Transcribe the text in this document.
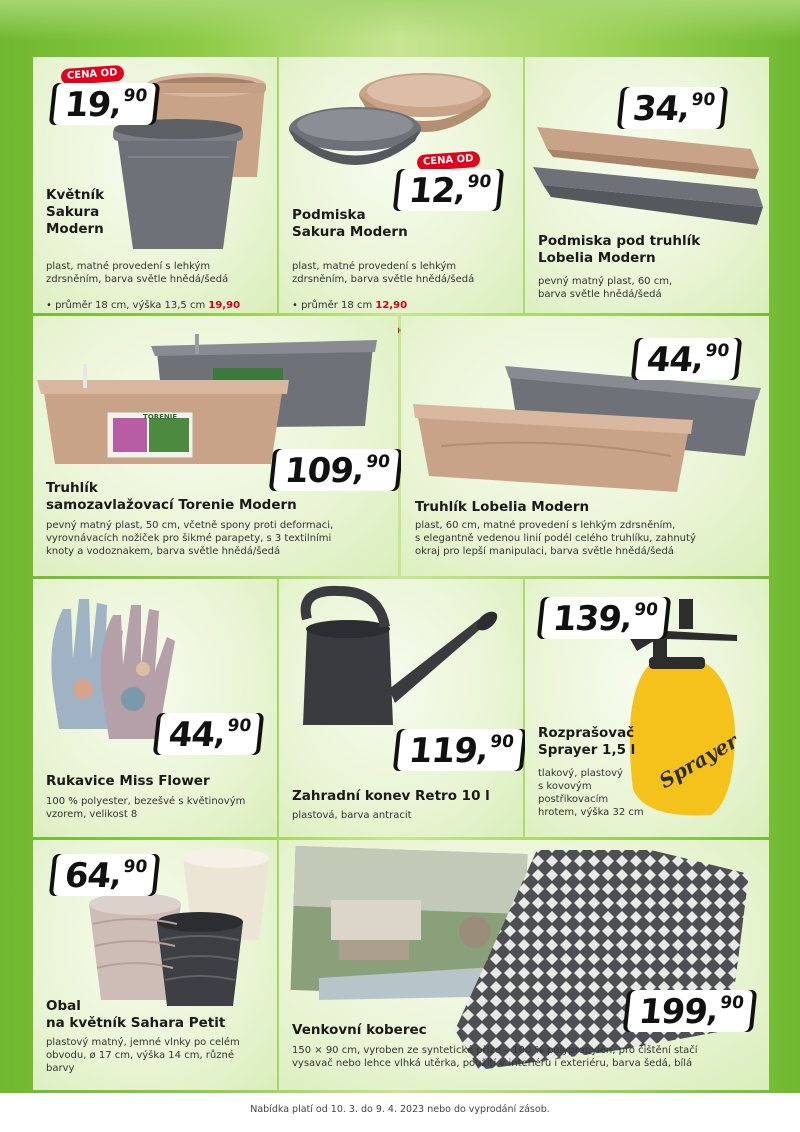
CENA OD
19
, 90
Květník
Sakura
Modern

plast, matné provedení s lehkým
zdrsněním, barva světle hnědá/šedá

• průměr 18 cm, výška 13,5 cm 19,90

CENA OD
12
, 90
Podmiska
Sakura Modern

plast, matné provedení s lehkým
zdrsněním, barva světle hnědá/šedá

• průměr 18 cm 12,90

34
, 90
Podmiska pod truhlík
Lobelia Modern
pevný matný plast, 60 cm,
barva světle hnědá/šedá
TORENIE
109
, 90
Truhlík
samozavlažovací Torenie Modern
pevný matný plast, 50 cm, včetně spony proti deformaci,
vyrovnávacích nožiček pro šikmé parapety, s 3 textilními
knoty a vodoznakem, barva světle hnědá/šedá
44
, 90
Truhlík Lobelia Modern
plast, 60 cm, matné provedení s lehkým zdrsněním,
s elegantně vedenou linií podél celého truhlíku, zahnutý
okraj pro lepší manipulaci, barva světle hnědá/šedá
44
, 90
Rukavice Miss Flower
100 % polyester, bezešvé s květinovým
vzorem, velikost 8
119
, 90
Zahradní konev Retro 10 l
plastová, barva antracit
Sprayer
139
, 90
Rozprašovač
Sprayer 1,5 l
tlakový, plastový
s kovovým
postřikovacím
hrotem, výška 32 cm
64
, 90
Obal
na květník Sahara Petit
plastový matný, jemné vlnky po celém
obvodu, ø 17 cm, výška 14 cm, různé
barvy
199
, 90
Venkovní koberec
150 × 90 cm, vyroben ze syntetické příze – 100 % polypropylén, pro čištění stačí
vysavač nebo lehce vlhká utěrka, použití v interiéru i exteriéru, barva šedá, bílá
Nabídka platí od 10. 3. do 9. 4. 2023 nebo do vyprodání zásob.
